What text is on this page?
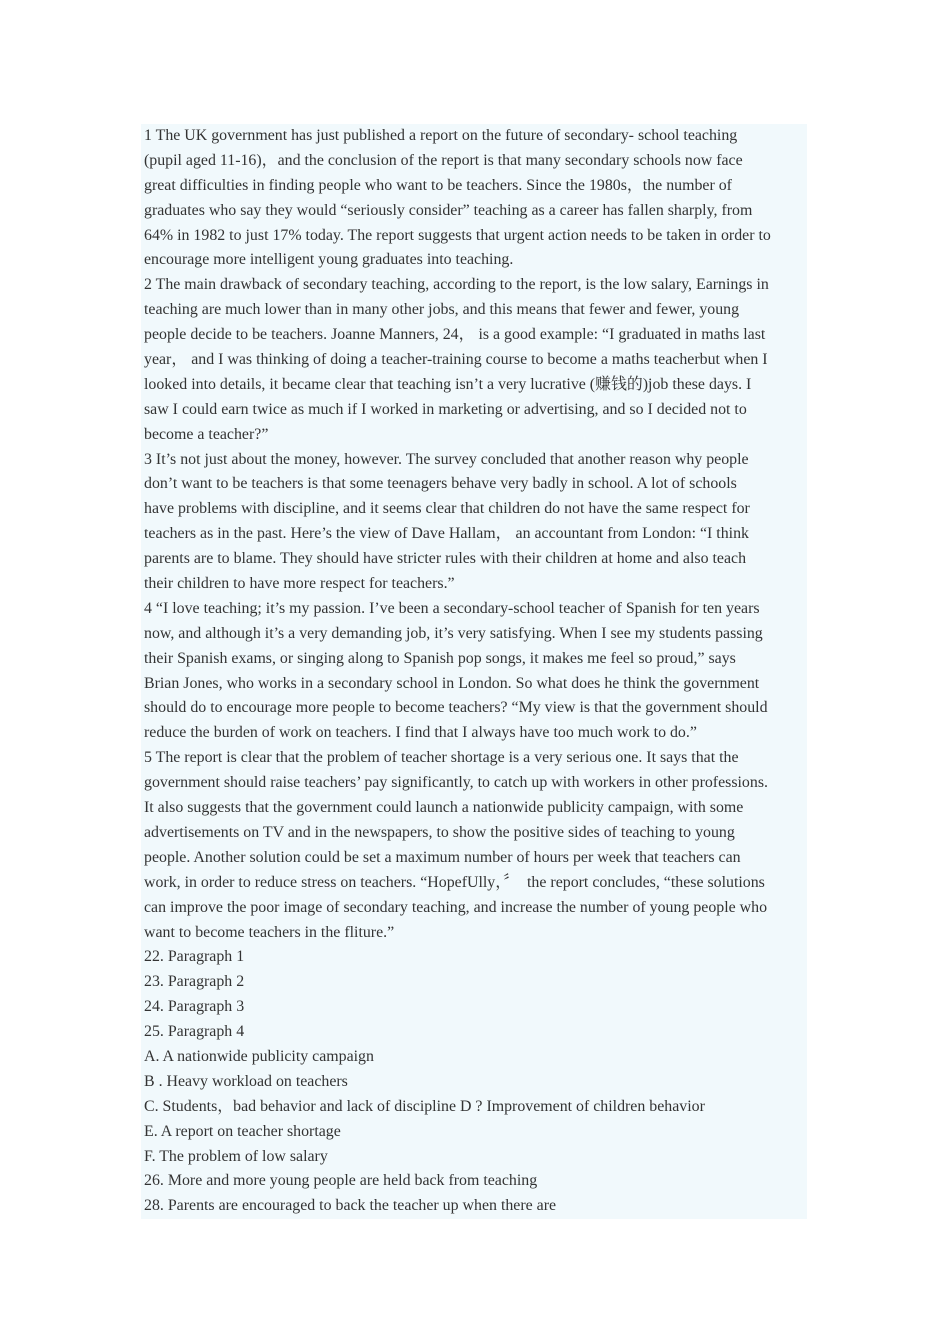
1 The UK government has just published a report on the future of secondary- school teaching
(pupil aged 11-16)，and the conclusion of the report is that many secondary schools now face
great difficulties in finding people who want to be teachers. Since the 1980s，the number of
graduates who say they would “seriously consider” teaching as a career has fallen sharply, from
64% in 1982 to just 17% today. The report suggests that urgent action needs to be taken in order to
encourage more intelligent young graduates into teaching.
2 The main drawback of secondary teaching, according to the report, is the low salary, Earnings in
teaching are much lower than in many other jobs, and this means that fewer and fewer, young
people decide to be teachers. Joanne Manners, 24， is a good example: “I graduated in maths last
year， and I was thinking of doing a teacher-training course to become a maths teacherbut when I
looked into details, it became clear that teaching isn’t a very lucrative (赚钱的)job these days. I
saw I could earn twice as much if I worked in marketing or advertising, and so I decided not to
become a teacher?”
3 It’s not just about the money, however. The survey concluded that another reason why people
don’t want to be teachers is that some teenagers behave very badly in school. A lot of schools
have problems with discipline, and it seems clear that children do not have the same respect for
teachers as in the past. Here’s the view of Dave Hallam， an accountant from London: “I think
parents are to blame. They should have stricter rules with their children at home and also teach
their children to have more respect for teachers.”
4 “I love teaching; it’s my passion. I’ve been a secondary-school teacher of Spanish for ten years
now, and although it’s a very demanding job, it’s very satisfying. When I see my students passing
their Spanish exams, or singing along to Spanish pop songs, it makes me feel so proud,” says
Brian Jones, who works in a secondary school in London. So what does he think the government
should do to encourage more people to become teachers? “My view is that the government should
reduce the burden of work on teachers. I find that I always have too much work to do.”
5 The report is clear that the problem of teacher shortage is a very serious one. It says that the
government should raise teachers’ pay significantly, to catch up with workers in other professions.
It also suggests that the government could launch a nationwide publicity campaign, with some
advertisements on TV and in the newspapers, to show the positive sides of teaching to young
people. Another solution could be set a maximum number of hours per week that teachers can
work, in order to reduce stress on teachers. “HopefUlly，〞  the report concludes, “these solutions
can improve the poor image of secondary teaching, and increase the number of young people who
want to become teachers in the fliture.”
22. Paragraph 1
23. Paragraph 2
24. Paragraph 3
25. Paragraph 4
A. A nationwide publicity campaign
B . Heavy workload on teachers
C. Students，bad behavior and lack of discipline D ? Improvement of children behavior
E. A report on teacher shortage
F. The problem of low salary
26. More and more young people are held back from teaching
28. Parents are encouraged to back the teacher up when there are
